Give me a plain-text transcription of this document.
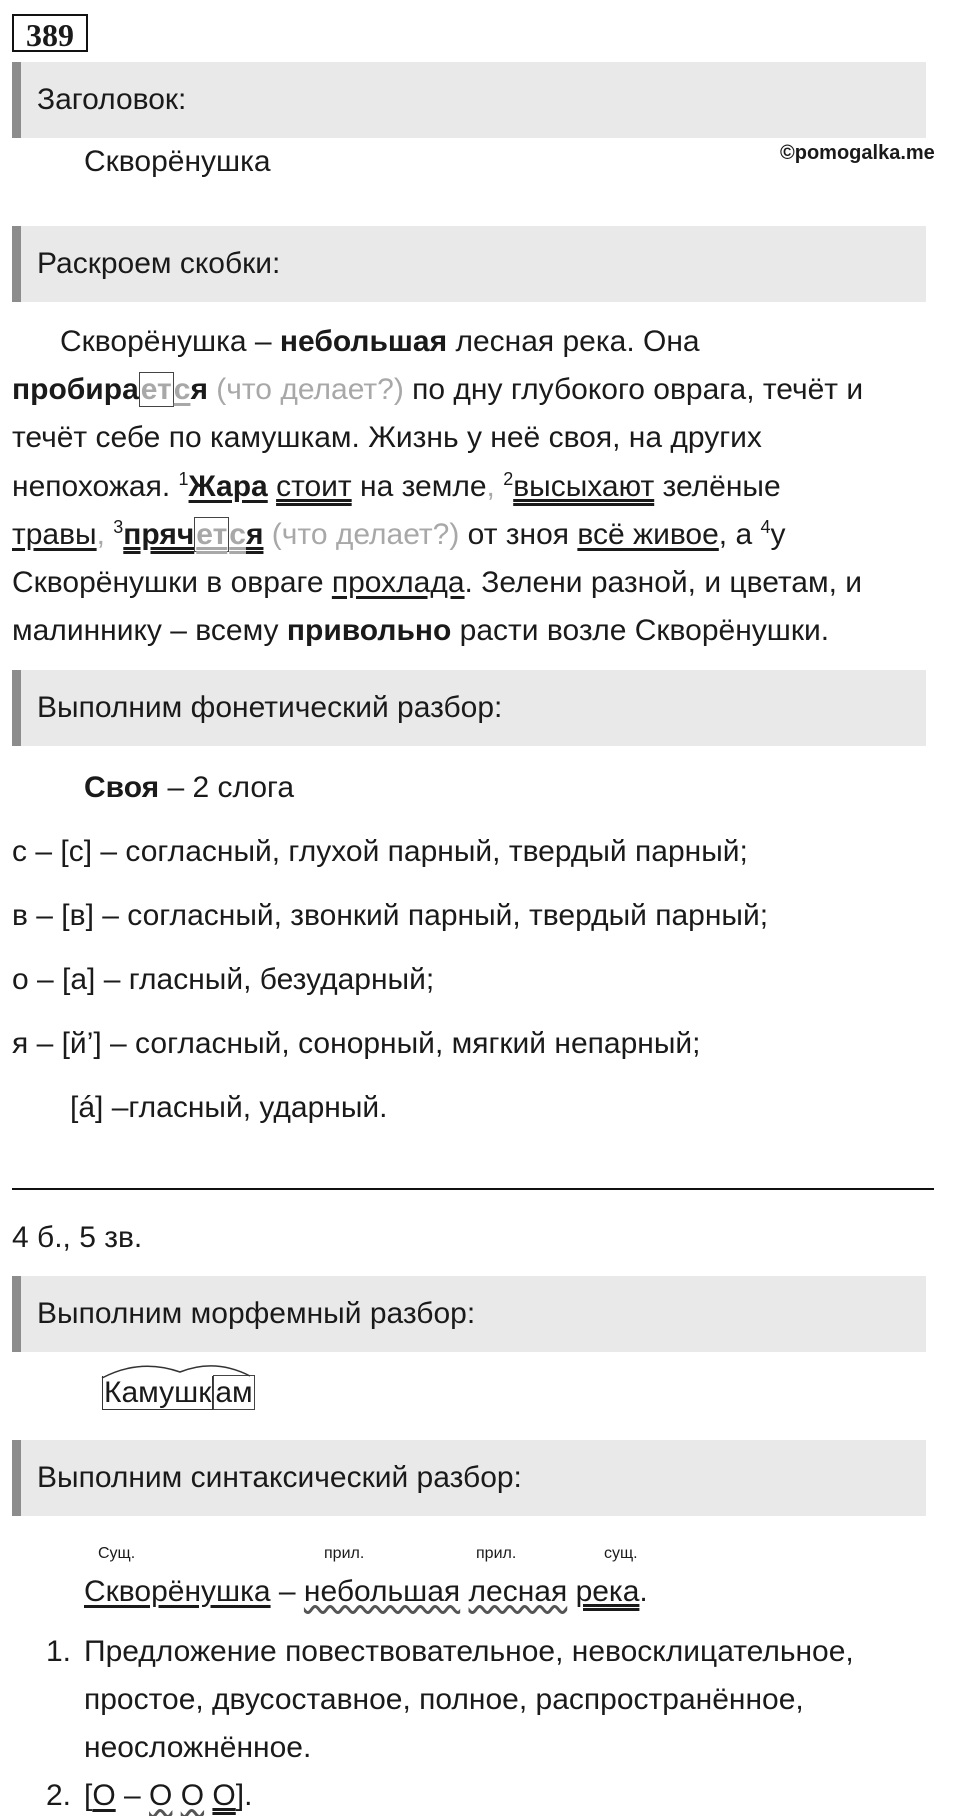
389
Заголовок:
Скворёнушка	©pomogalka.me
Раскроем скобки:
Скворёнушка – небольшая лесная река. Она
пробирается (что делает?) по дну глубокого оврага, течёт и
течёт себе по камушкам. Жизнь у неё своя, на других
непохожая. $^1$Жара стоит на земле, $^2$высыхают зелёные
травы, $^3$прячется (что делает?) от зноя всё живое, а $^4$у
Скворёнушки в овраге прохлада. Зелени разной, и цветам, и
малиннику – всему привольно расти возле Скворёнушки.
Выполним фонетический разбор:
Своя – 2 слога
с – [с] – согласный, глухой парный, твердый парный;
в – [в] – согласный, звонкий парный, твердый парный;
о – [а] – гласный, безударный;
я – [й’] – согласный, сонорный, мягкий непарный;
[á] –гласный, ударный.
4 б., 5 зв.
Выполним морфемный разбор:
Камушк ам
Выполним синтаксический разбор:
Сущ.	прил.	прил.	сущ.
Скворёнушка – небольшая лесная река.
1. Предложение повествовательное, невосклицательное,
простое, двусоставное, полное, распространённое,
неосложнённое.
2. [О – О О О].
